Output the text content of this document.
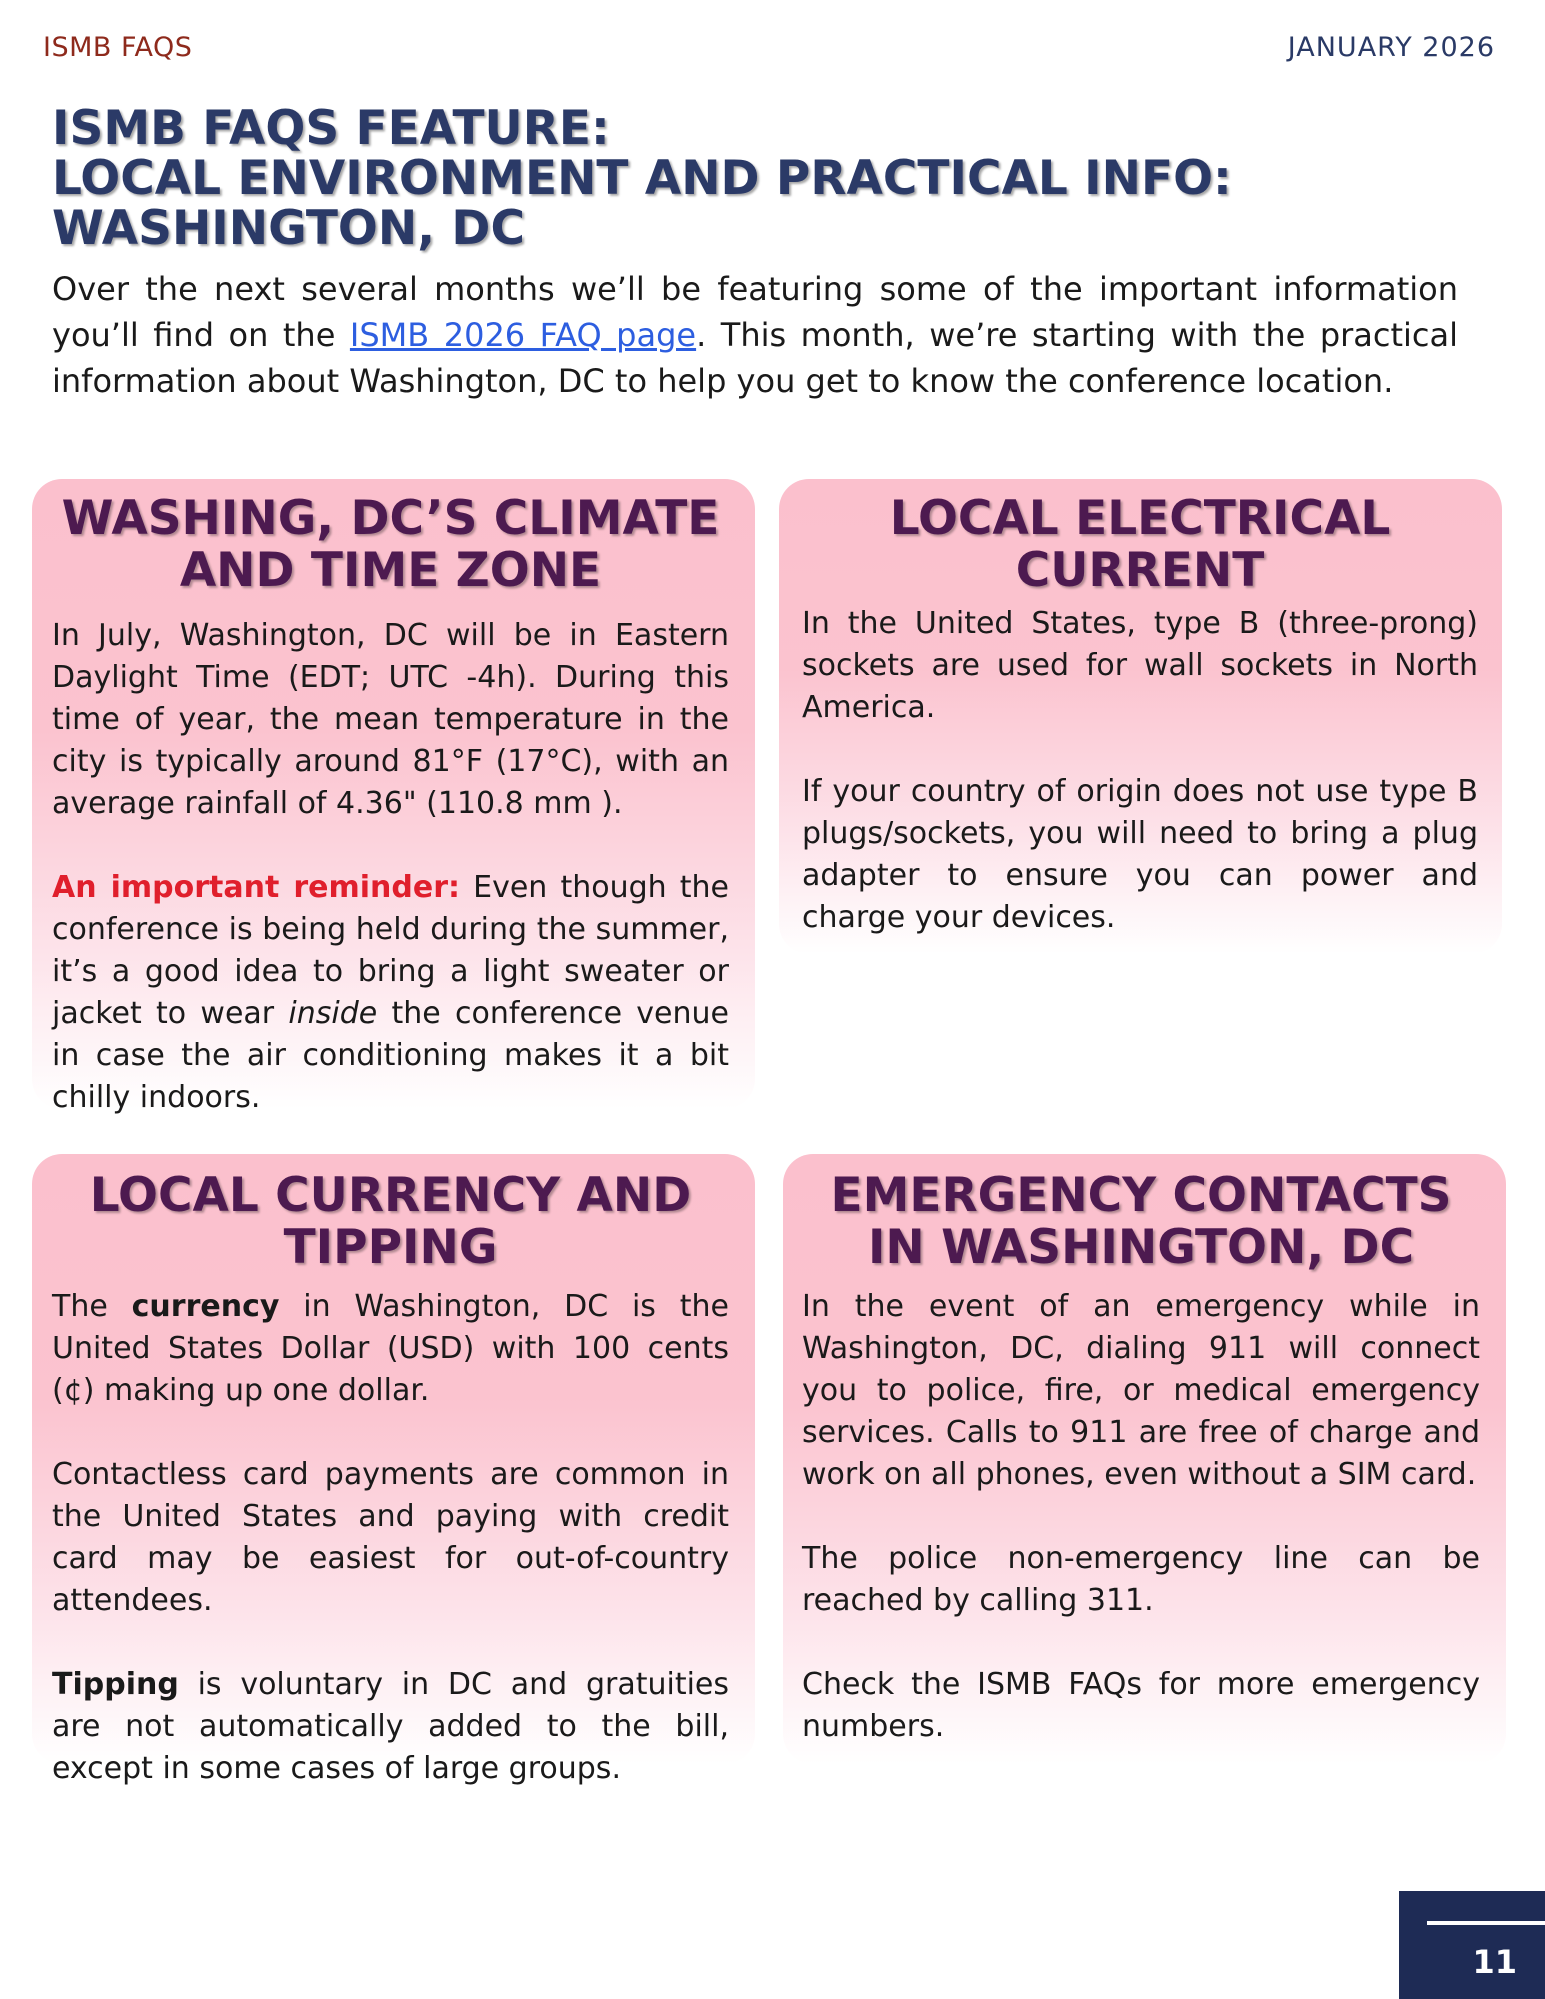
ISMB FAQS	JANUARY 2026
ISMB FAQS FEATURE:
LOCAL ENVIRONMENT AND PRACTICAL INFO:
WASHINGTON, DC

Over the next several months we’ll be featuring some of the important information you’ll find on the ISMB 2026 FAQ page. This month, we’re starting with the practical information about Washington, DC to help you get to know the conference location.

WASHING, DC’S CLIMATE
AND TIME ZONE

In July, Washington, DC will be in Eastern Daylight Time (EDT; UTC -4h). During this time of year, the mean temperature in the city is typically around 81°F (17°C), with an average rainfall of 4.36" (110.8 mm ).

An important reminder: Even though the conference is being held during the summer, it’s a good idea to bring a light sweater or jacket to wear inside the conference venue in case the air conditioning makes it a bit chilly indoors.

LOCAL ELECTRICAL
CURRENT

In the United States, type B (three-prong) sockets are used for wall sockets in North America.

If your country of origin does not use type B plugs/sockets, you will need to bring a plug adapter to ensure you can power and charge your devices.

LOCAL CURRENCY AND
TIPPING

The currency in Washington, DC is the United States Dollar (USD) with 100 cents (¢) making up one dollar.

Contactless card payments are common in the United States and paying with credit card may be easiest for out-of-country attendees.

Tipping is voluntary in DC and gratuities are not automatically added to the bill, except in some cases of large groups.

EMERGENCY CONTACTS
IN WASHINGTON, DC

In the event of an emergency while in Washington, DC, dialing 911 will connect you to police, fire, or medical emergency services. Calls to 911 are free of charge and work on all phones, even without a SIM card.

The police non-emergency line can be reached by calling 311.

Check the ISMB FAQs for more emergency numbers.

11
